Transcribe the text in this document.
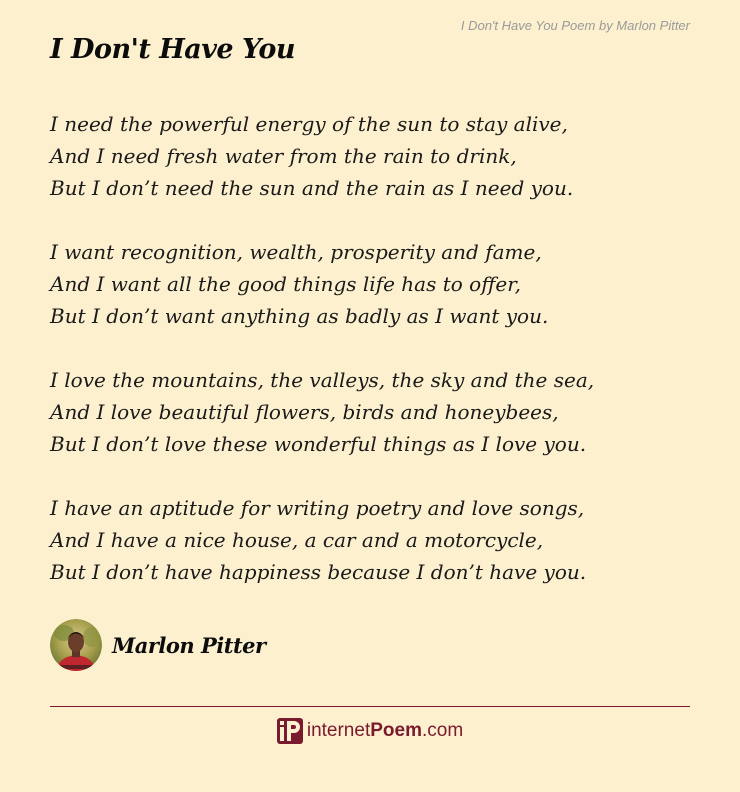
I Don't Have You Poem by Marlon Pitter
I Don't Have You
I need the powerful energy of the sun to stay alive,
And I need fresh water from the rain to drink,
But I don’t need the sun and the rain as I need you.
I want recognition, wealth, prosperity and fame,
And I want all the good things life has to offer,
But I don’t want anything as badly as I want you.
I love the mountains, the valleys, the sky and the sea,
And I love beautiful flowers, birds and honeybees,
But I don’t love these wonderful things as I love you.
I have an aptitude for writing poetry and love songs,
And I have a nice house, a car and a motorcycle,
But I don’t have happiness because I don’t have you.
Marlon Pitter
internetPoem.com
